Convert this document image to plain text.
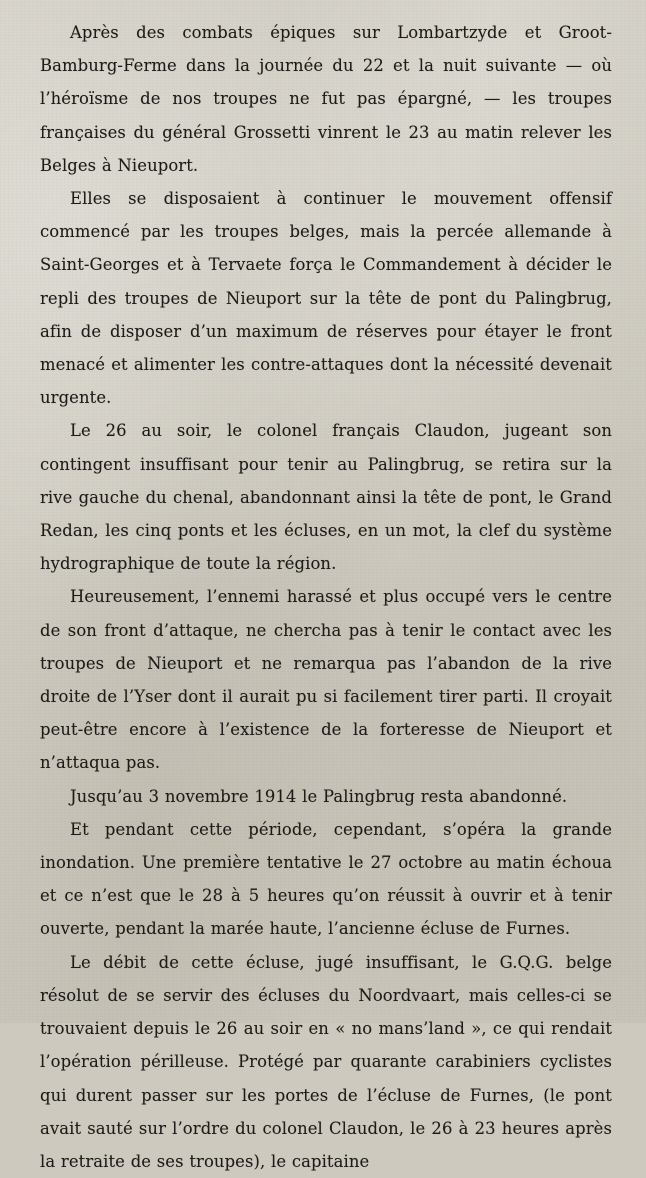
Après des combats épiques sur Lombartzyde et Groot-Bamburg-Ferme dans la journée du 22 et la nuit suivante — où l’héroïsme de nos troupes ne fut pas épargné, — les troupes françaises du général Grossetti vinrent le 23 au matin relever les Belges à Nieuport.

Elles se disposaient à continuer le mouvement offensif commencé par les troupes belges, mais la percée allemande à Saint-Georges et à Tervaete força le Commandement à décider le repli des troupes de Nieuport sur la tête de pont du Palingbrug, afin de disposer d’un maximum de réserves pour étayer le front menacé et alimenter les contre-attaques dont la nécessité devenait urgente.

Le 26 au soir, le colonel français Claudon, jugeant son contingent insuffisant pour tenir au Palingbrug, se retira sur la rive gauche du chenal, abandonnant ainsi la tête de pont, le Grand Redan, les cinq ponts et les écluses, en un mot, la clef du système hydrographique de toute la région.

Heureusement, l’ennemi harassé et plus occupé vers le centre de son front d’attaque, ne chercha pas à tenir le contact avec les troupes de Nieuport et ne remarqua pas l’abandon de la rive droite de l’Yser dont il aurait pu si facilement tirer parti. Il croyait peut-être encore à l’existence de la forteresse de Nieuport et n’attaqua pas.

Jusqu’au 3 novembre 1914 le Palingbrug resta abandonné.

Et pendant cette période, cependant, s’opéra la grande inondation. Une première tentative le 27 octobre au matin échoua et ce n’est que le 28 à 5 heures qu’on réussit à ouvrir et à tenir ouverte, pendant la marée haute, l’ancienne écluse de Furnes.

Le débit de cette écluse, jugé insuffisant, le G.Q.G. belge résolut de se servir des écluses du Noordvaart, mais celles-ci se trouvaient depuis le 26 au soir en « no mans’land », ce qui rendait l’opération périlleuse. Protégé par quarante carabiniers cyclistes qui durent passer sur les portes de l’écluse de Furnes, (le pont avait sauté sur l’ordre du colonel Claudon, le 26 à 23 heures après la retraite de ses troupes), le capitaine
